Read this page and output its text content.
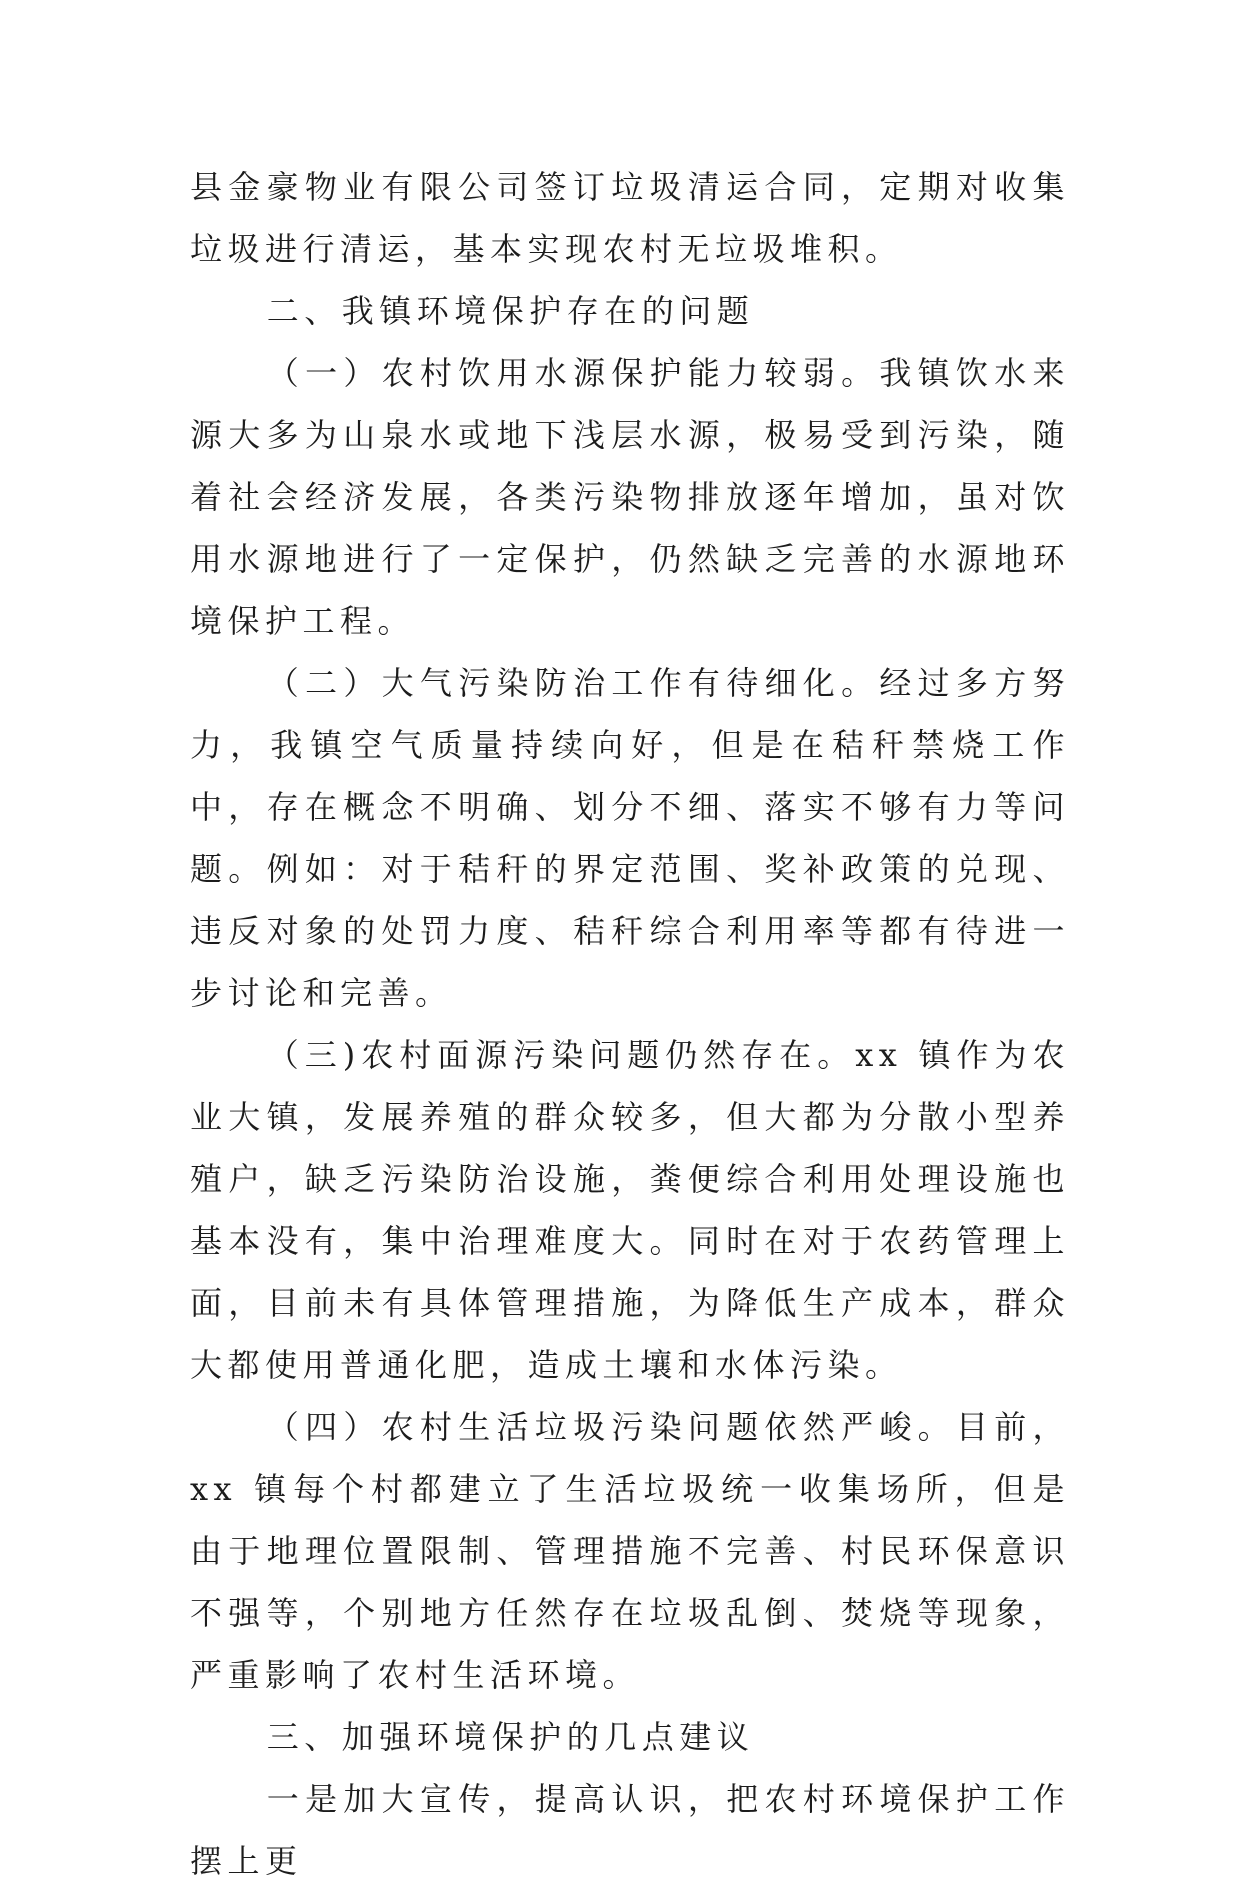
县金豪物业有限公司签订垃圾清运合同，定期对收集垃圾进行清运，基本实现农村无垃圾堆积。

二、我镇环境保护存在的问题

（一）农村饮用水源保护能力较弱。我镇饮水来源大多为山泉水或地下浅层水源，极易受到污染，随着社会经济发展，各类污染物排放逐年增加，虽对饮用水源地进行了一定保护，仍然缺乏完善的水源地环境保护工程。

（二）大气污染防治工作有待细化。经过多方努力，我镇空气质量持续向好，但是在秸秆禁烧工作中，存在概念不明确、划分不细、落实不够有力等问题。例如：对于秸秆的界定范围、奖补政策的兑现、违反对象的处罚力度、秸秆综合利用率等都有待进一步讨论和完善。

（三)农村面源污染问题仍然存在。xx 镇作为农业大镇，发展养殖的群众较多，但大都为分散小型养殖户，缺乏污染防治设施，粪便综合利用处理设施也基本没有，集中治理难度大。同时在对于农药管理上面，目前未有具体管理措施，为降低生产成本，群众大都使用普通化肥，造成土壤和水体污染。

（四）农村生活垃圾污染问题依然严峻。目前，xx 镇每个村都建立了生活垃圾统一收集场所，但是由于地理位置限制、管理措施不完善、村民环保意识不强等，个别地方任然存在垃圾乱倒、焚烧等现象，严重影响了农村生活环境。

三、加强环境保护的几点建议

一是加大宣传，提高认识，把农村环境保护工作摆上更
